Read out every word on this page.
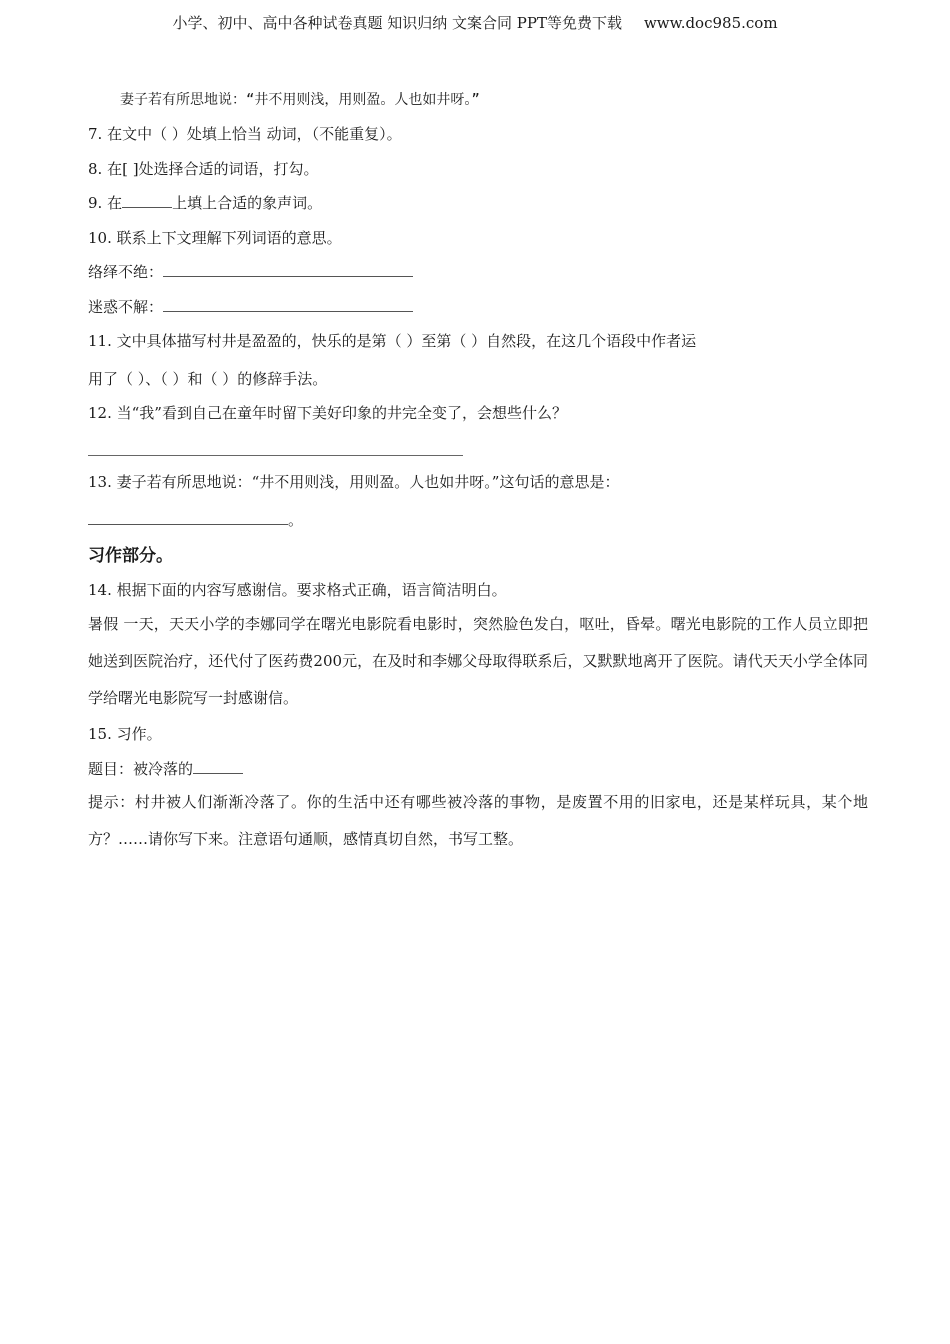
小学、初中、高中各种试卷真题 知识归纳 文案合同 PPT等免费下载 www.doc985.com
妻子若有所思地说：“井不用则浅，用则盈。人也如井呀。”
7. 在文中（ ）处填上恰当 动词，（不能重复）。
8. 在[ ]处选择合适的词语，打勾。
9. 在	上填上合适的象声词。
10. 联系上下文理解下列词语的意思。
络绎不绝：
迷惑不解：
11. 文中具体描写村井是盈盈的，快乐的是第（ ）至第（ ）自然段，在这几个语段中作者运
用了（ ）、（ ）和（ ）的修辞手法。
12. 当“我”看到自己在童年时留下美好印象的井完全变了，会想些什么？
13. 妻子若有所思地说：“井不用则浅，用则盈。人也如井呀。”这句话的意思是：
。
习作部分。
14. 根据下面的内容写感谢信。要求格式正确，语言简洁明白。
暑假 一天，天天小学的李娜同学在曙光电影院看电影时，突然脸色发白，呕吐，昏晕。曙光电影院的工作人员立即把她送到医院治疗，还代付了医药费200元，在及时和李娜父母取得联系后，又默默地离开了医院。请代天天小学全体同学给曙光电影院写一封感谢信。
15. 习作。
题目：被冷落的
提示：村井被人们渐渐冷落了。你的生活中还有哪些被冷落的事物，是废置不用的旧家电，还是某样玩具，某个地方？……请你写下来。注意语句通顺，感情真切自然，书写工整。
